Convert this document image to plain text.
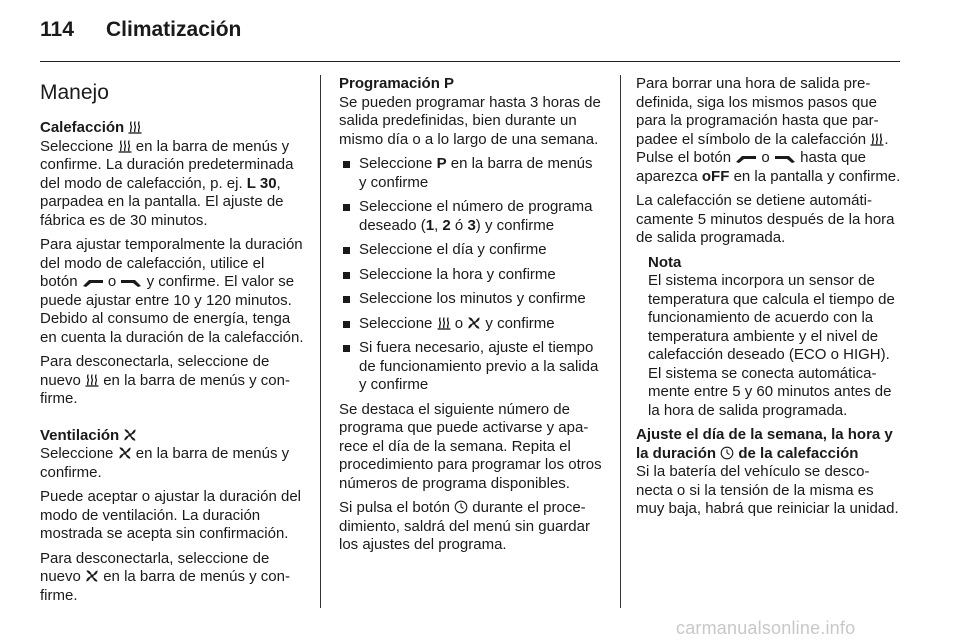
114 Climatización
Manejo
Calefacción

Seleccione en la barra de menús y confirme. La duración predeterminada del modo de calefacción, p. ej. L 30, parpadea en la pantalla. El ajuste de fábrica es de 30 minutos.

Para ajustar temporalmente la duración del modo de calefacción, utilice el botón o y confirme. El valor se puede ajustar entre 10 y 120 minutos. Debido al consumo de energía, tenga en cuenta la duración de la calefacción.

Para desconectarla, seleccione de nuevo en la barra de menús y confirme.

Ventilación

Seleccione en la barra de menús y confirme.

Puede aceptar o ajustar la duración del modo de ventilación. La duración mostrada se acepta sin confirmación.

Para desconectarla, seleccione de nuevo en la barra de menús y confirme.

Programación P

Se pueden programar hasta 3 horas de salida predefinidas, bien durante un mismo día o a lo largo de una semana.

Seleccione P en la barra de menús y confirme
Seleccione el número de programa deseado (1, 2 ó 3) y confirme
Seleccione el día y confirme
Seleccione la hora y confirme
Seleccione los minutos y confirme
Seleccione o y confirme
Si fuera necesario, ajuste el tiempo de funcionamiento previo a la salida y confirme

Se destaca el siguiente número de programa que puede activarse y aparece el día de la semana. Repita el procedimiento para programar los otros números de programa disponibles.

Si pulsa el botón durante el procedimiento, saldrá del menú sin guardar los ajustes del programa.

Para borrar una hora de salida predefinida, siga los mismos pasos que para la programación hasta que parpadee el símbolo de la calefacción . Pulse el botón o hasta que aparezca oFF en la pantalla y confirme.

La calefacción se detiene automáticamente 5 minutos después de la hora de salida programada.

Nota
El sistema incorpora un sensor de temperatura que calcula el tiempo de funcionamiento de acuerdo con la temperatura ambiente y el nivel de calefacción deseado (ECO o HIGH). El sistema se conecta automáticamente entre 5 y 60 minutos antes de la hora de salida programada.
Ajuste el día de la semana, la hora y la duración de la calefacción

Si la batería del vehículo se desconecta o si la tensión de la misma es muy baja, habrá que reiniciar la unidad.

carmanualsonline.info
